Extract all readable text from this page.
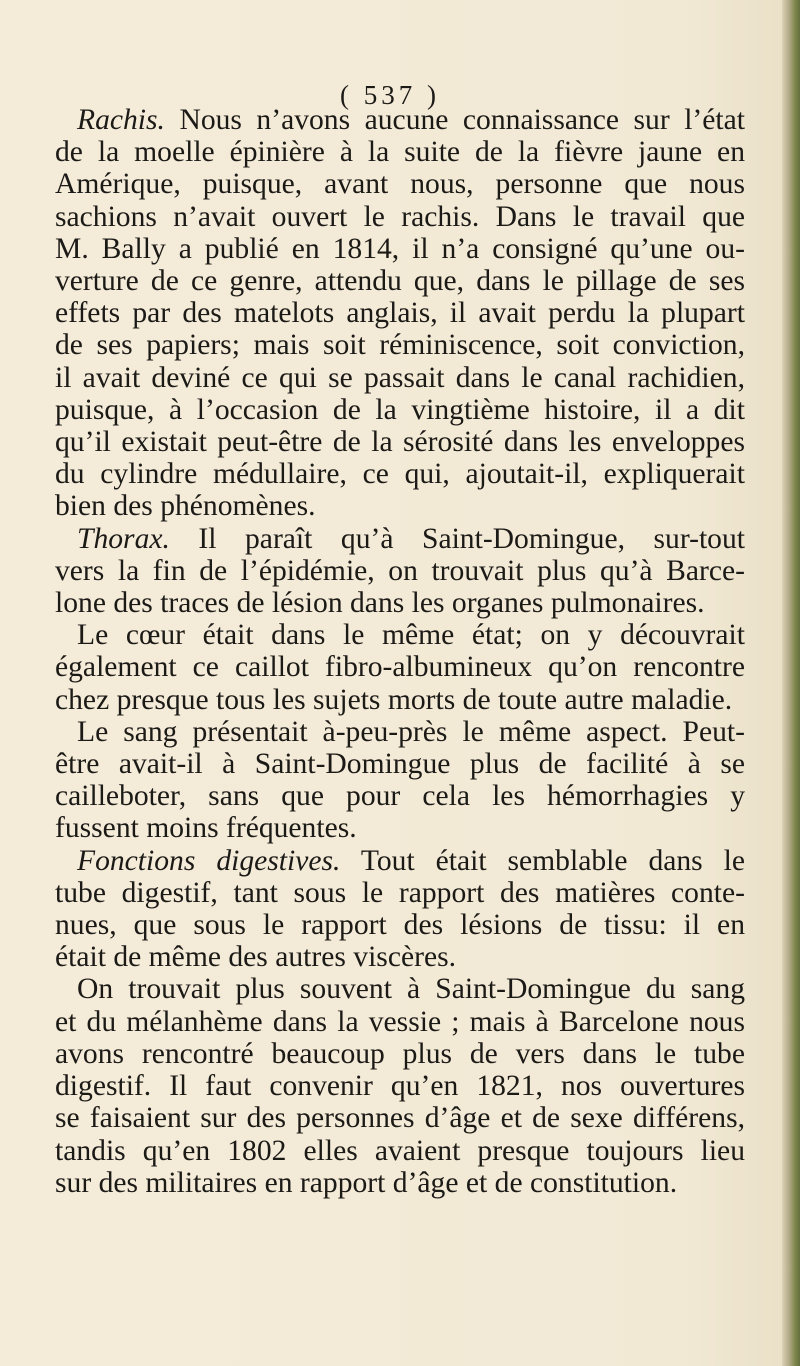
( 537 )
Rachis. Nous n’avons aucune connaissance sur l’état
de la moelle épinière à la suite de la fièvre jaune en
Amérique, puisque, avant nous, personne que nous
sachions n’avait ouvert le rachis. Dans le travail que
M. Bally a publié en 1814, il n’a consigné qu’une ou-
verture de ce genre, attendu que, dans le pillage de ses
effets par des matelots anglais, il avait perdu la plupart
de ses papiers; mais soit réminiscence, soit conviction,
il avait deviné ce qui se passait dans le canal rachidien,
puisque, à l’occasion de la vingtième histoire, il a dit
qu’il existait peut-être de la sérosité dans les enveloppes
du cylindre médullaire, ce qui, ajoutait-il, expliquerait
bien des phénomènes.
Thorax. Il paraît qu’à Saint-Domingue, sur-tout
vers la fin de l’épidémie, on trouvait plus qu’à Barce-
lone des traces de lésion dans les organes pulmonaires.
Le cœur était dans le même état; on y découvrait
également ce caillot fibro-albumineux qu’on rencontre
chez presque tous les sujets morts de toute autre maladie.
Le sang présentait à-peu-près le même aspect. Peut-
être avait-il à Saint-Domingue plus de facilité à se
cailleboter, sans que pour cela les hémorrhagies y
fussent moins fréquentes.
Fonctions digestives. Tout était semblable dans le
tube digestif, tant sous le rapport des matières conte-
nues, que sous le rapport des lésions de tissu: il en
était de même des autres viscères.
On trouvait plus souvent à Saint-Domingue du sang
et du mélanhème dans la vessie ; mais à Barcelone nous
avons rencontré beaucoup plus de vers dans le tube
digestif. Il faut convenir qu’en 1821, nos ouvertures
se faisaient sur des personnes d’âge et de sexe différens,
tandis qu’en 1802 elles avaient presque toujours lieu
sur des militaires en rapport d’âge et de constitution.
